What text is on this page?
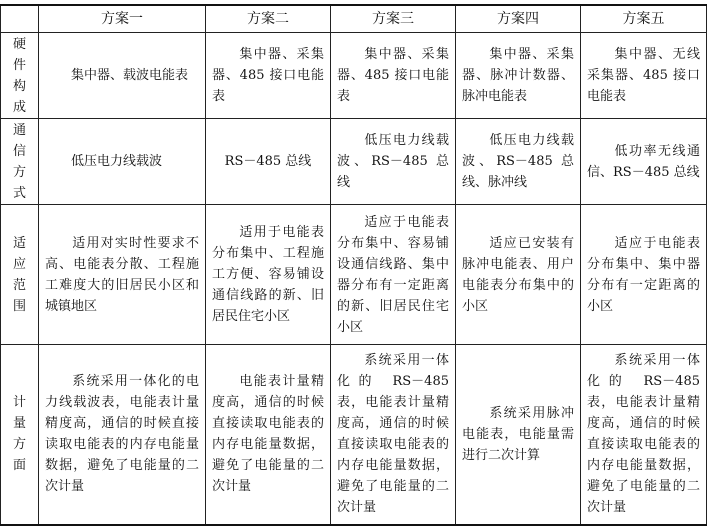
	方案一	方案二	方案三	方案四	方案五

硬
件
构
成	集中器、载波电能表	集中器、采集器、485 接口电能表	集中器、采集器、485 接口电能表	集中器、采集器、脉冲计数器、脉冲电能表	集中器、无线采集器、485 接口电能表

通
信
方
式	低压电力线载波	RS－485 总线	低压电力线载波、RS－485 总线	低压电力线载波、RS－485 总线、脉冲线	低功率无线通信、RS－485 总线

适
应
范
围	适用对实时性要求不高、电能表分散、工程施工难度大的旧居民小区和城镇地区	适用于电能表分布集中、工程施工方便、容易铺设通信线路的新、旧居民住宅小区	适应于电能表分布集中、容易铺设通信线路、集中器分布有一定距离的新、旧居民住宅小区	适应已安装有脉冲电能表、用户电能表分布集中的小区	适应于电能表分布集中、集中器分布有一定距离的小区

计
量
方
面	系统采用一体化的电力线载波表，电能表计量精度高，通信的时候直接读取电能表的内存电能量数据，避免了电能量的二次计量	电能表计量精度高，通信的时候直接读取电能表的内存电能量数据，避免了电能量的二次计量	系统采用一体化的 RS－485 表，电能表计量精度高，通信的时候直接读取电能表的内存电能量数据，避免了电能量的二次计量	系统采用脉冲电能表，电能量需进行二次计算	系统采用一体化的 RS－485 表，电能表计量精度高，通信的时候直接读取电能表的内存电能量数据，避免了电能量的二次计量
